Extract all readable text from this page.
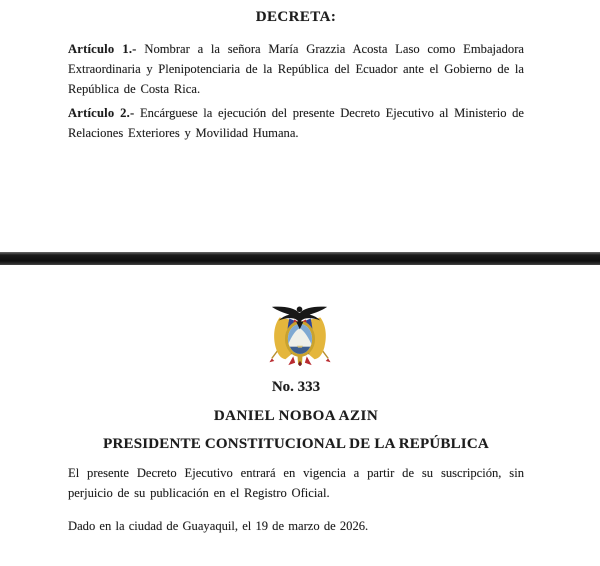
DECRETA:

Artículo 1.- Nombrar a la señora María Grazzia Acosta Laso como Embajadora Extraordinaria y Plenipotenciaria de la República del Ecuador ante el Gobierno de la República de Costa Rica.

Artículo 2.- Encárguese la ejecución del presente Decreto Ejecutivo al Ministerio de Relaciones Exteriores y Movilidad Humana.

No. 333
DANIEL NOBOA AZIN
PRESIDENTE CONSTITUCIONAL DE LA REPÚBLICA

El presente Decreto Ejecutivo entrará en vigencia a partir de su suscripción, sin perjuicio de su publicación en el Registro Oficial.

Dado en la ciudad de Guayaquil, el 19 de marzo de 2026.
